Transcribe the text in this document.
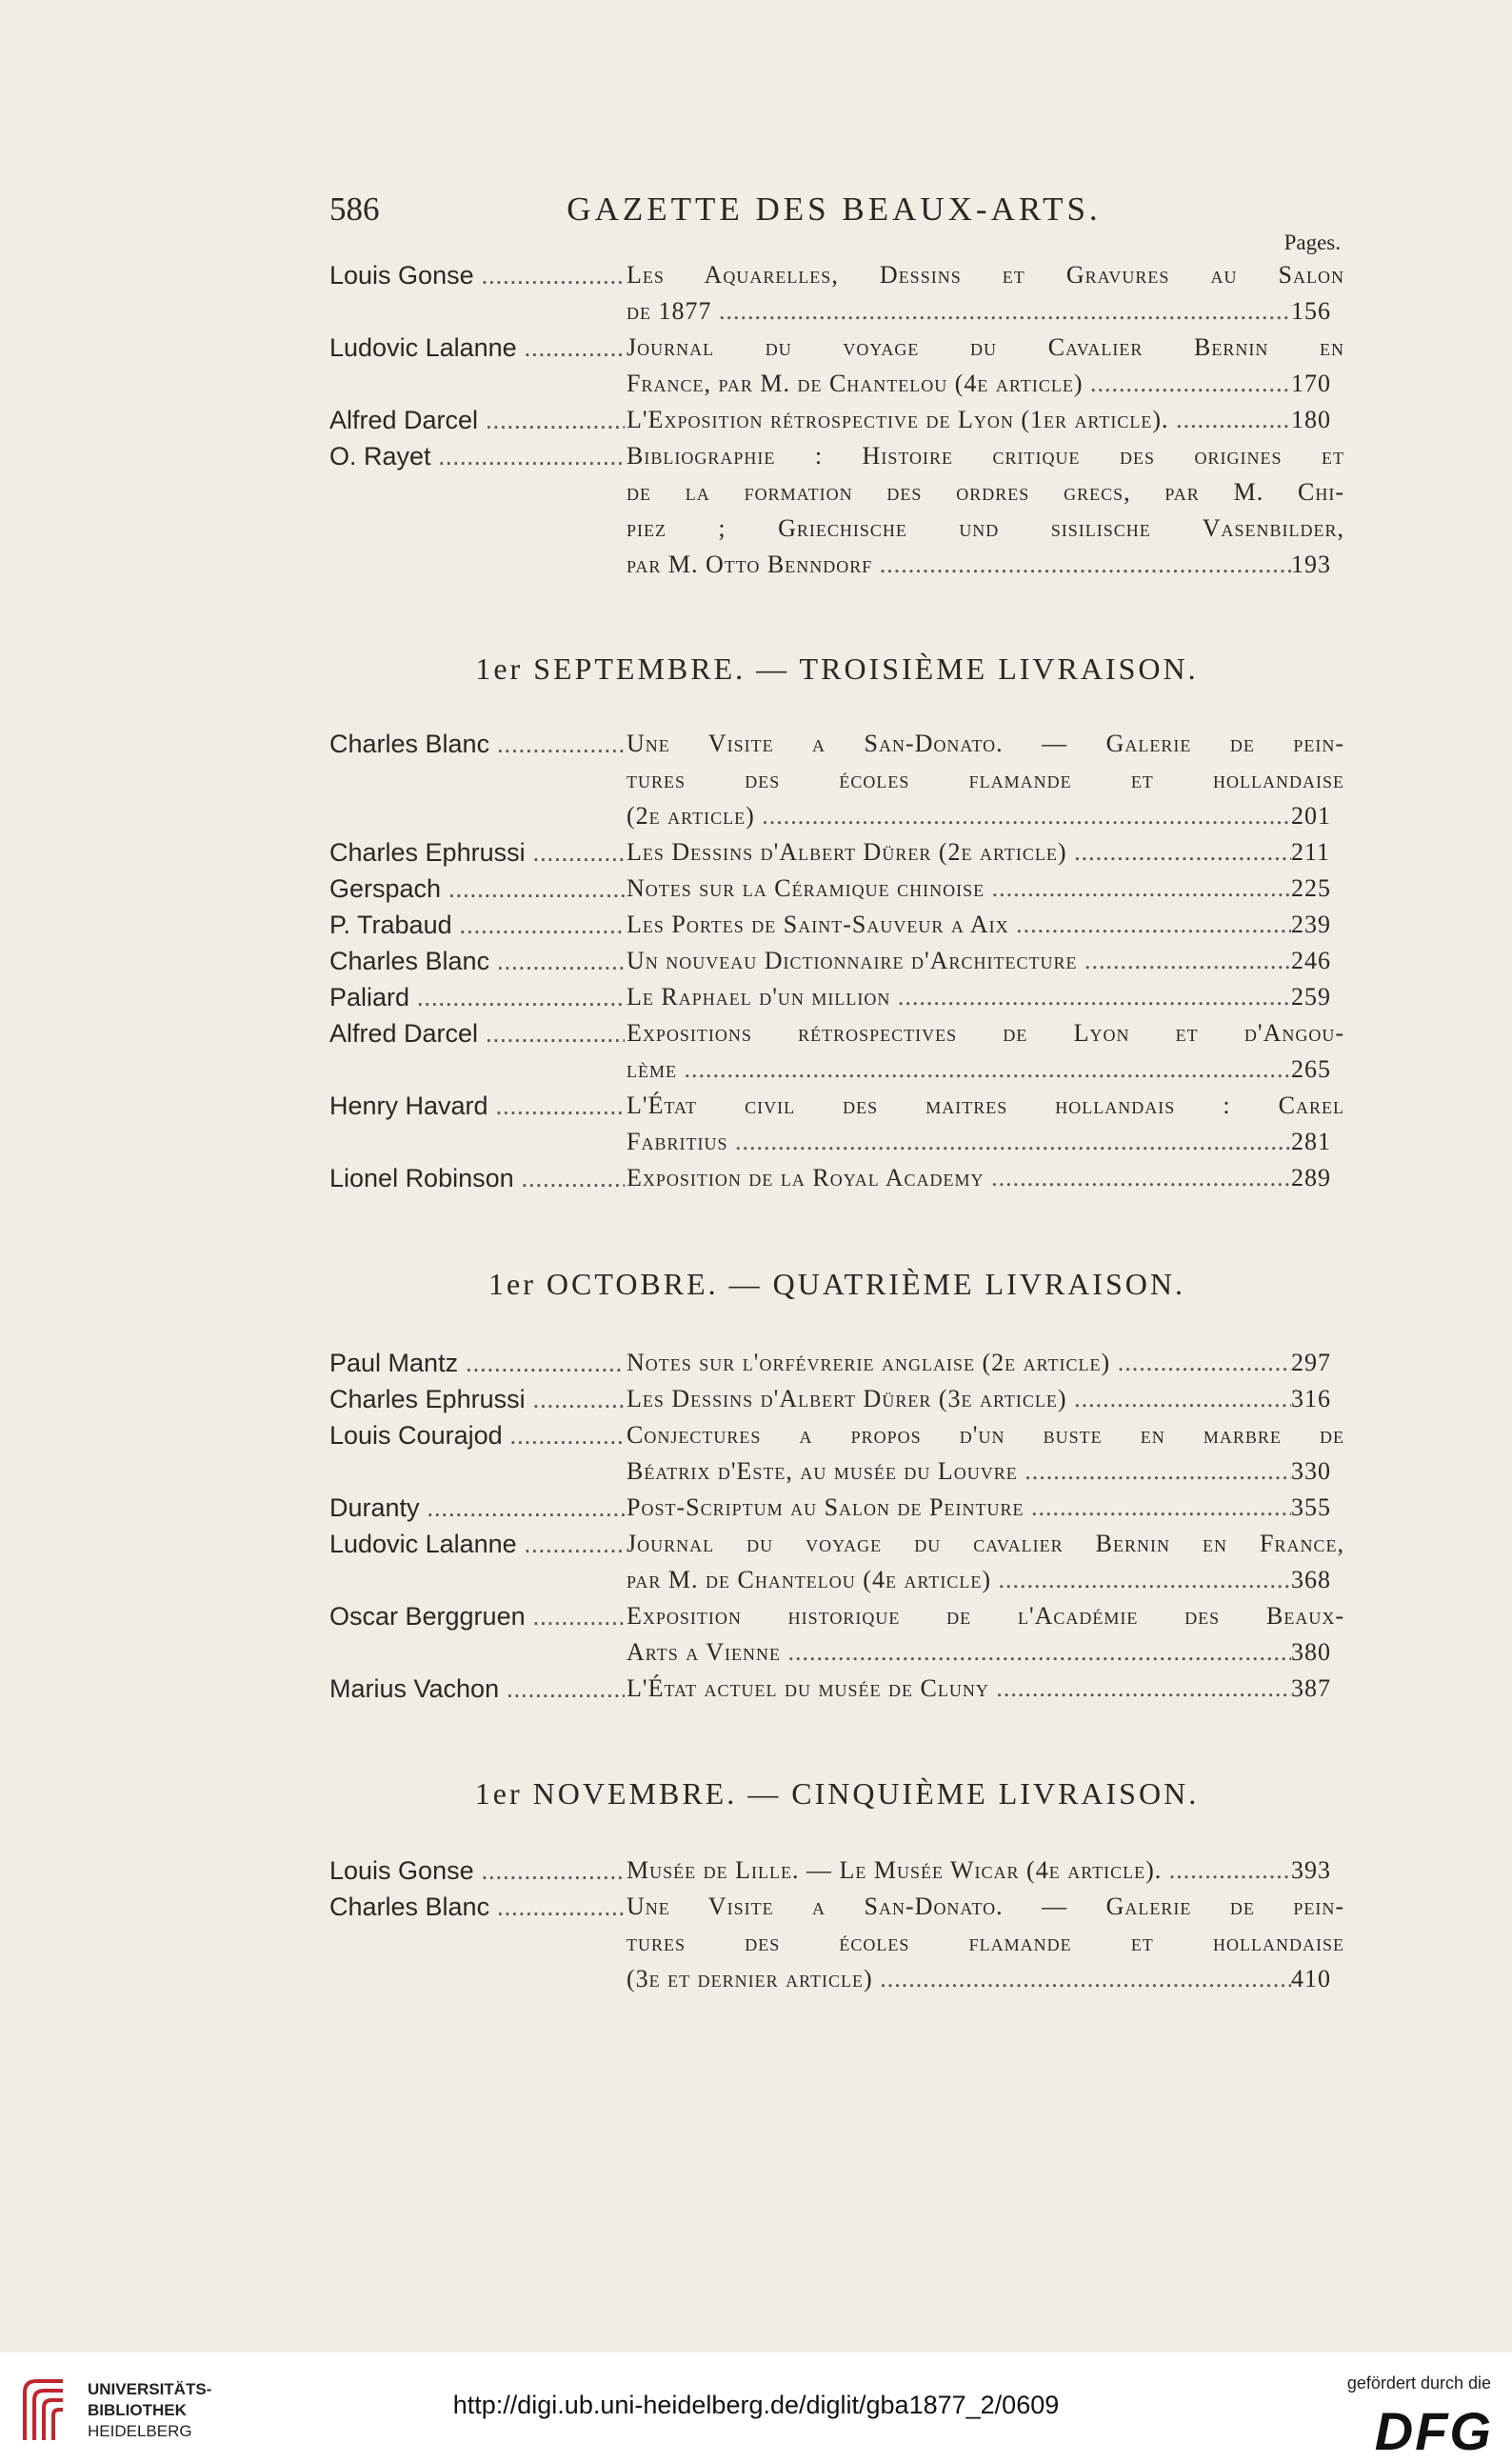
586	GAZETTE DES BEAUX-ARTS.
Pages.
Louis Gonse .....	Les Aquarelles, Dessins et Gravures au Salon
de 1877 .....	156
Ludovic Lalanne .....	Journal du voyage du Cavalier Bernin en
France, par M. de Chantelou (4e article) .....	170
Alfred Darcel .....	L'Exposition rétrospective de Lyon (1er article). .....	180
O. Rayet .....	Bibliographie : Histoire critique des origines et
de la formation des ordres grecs, par M. Chi-
piez ; Griechische und sisilische Vasenbilder,
par M. Otto Benndorf .....	193
1er SEPTEMBRE. — TROISIÈME LIVRAISON.
Charles Blanc .....	Une Visite a San-Donato. — Galerie de pein-
tures des écoles flamande et hollandaise
(2e article) .....	201
Charles Ephrussi .....	Les Dessins d'Albert Dürer (2e article) .....	211
Gerspach .....	Notes sur la Céramique chinoise .....	225
P. Trabaud .....	Les Portes de Saint-Sauveur a Aix .....	239
Charles Blanc .....	Un nouveau Dictionnaire d'Architecture .....	246
Paliard .....	Le Raphael d'un million .....	259
Alfred Darcel .....	Expositions rétrospectives de Lyon et d'Angou-
lème .....	265
Henry Havard .....	L'État civil des maitres hollandais : Carel
Fabritius .....	281
Lionel Robinson .....	Exposition de la Royal Academy .....	289
1er OCTOBRE. — QUATRIÈME LIVRAISON.
Paul Mantz .....	Notes sur l'orfévrerie anglaise (2e article) .....	297
Charles Ephrussi .....	Les Dessins d'Albert Dürer (3e article) .....	316
Louis Courajod .....	Conjectures a propos d'un buste en marbre de
Béatrix d'Este, au musée du Louvre .....	330
Duranty .....	Post-Scriptum au Salon de Peinture .....	355
Ludovic Lalanne .....	Journal du voyage du cavalier Bernin en France,
par M. de Chantelou (4e article) .....	368
Oscar Berggruen .....	Exposition historique de l'Académie des Beaux-
Arts a Vienne .....	380
Marius Vachon .....	L'État actuel du musée de Cluny .....	387
1er NOVEMBRE. — CINQUIÈME LIVRAISON.
Louis Gonse .....	Musée de Lille. — Le Musée Wicar (4e article). .....	393
Charles Blanc .....	Une Visite a San-Donato. — Galerie de pein-
tures des écoles flamande et hollandaise
(3e et dernier article) .....	410
UNIVERSITÄTS-
BIBLIOTHEK
HEIDELBERG
http://digi.ub.uni-heidelberg.de/diglit/gba1877_2/0609
gefördert durch die
DFG
